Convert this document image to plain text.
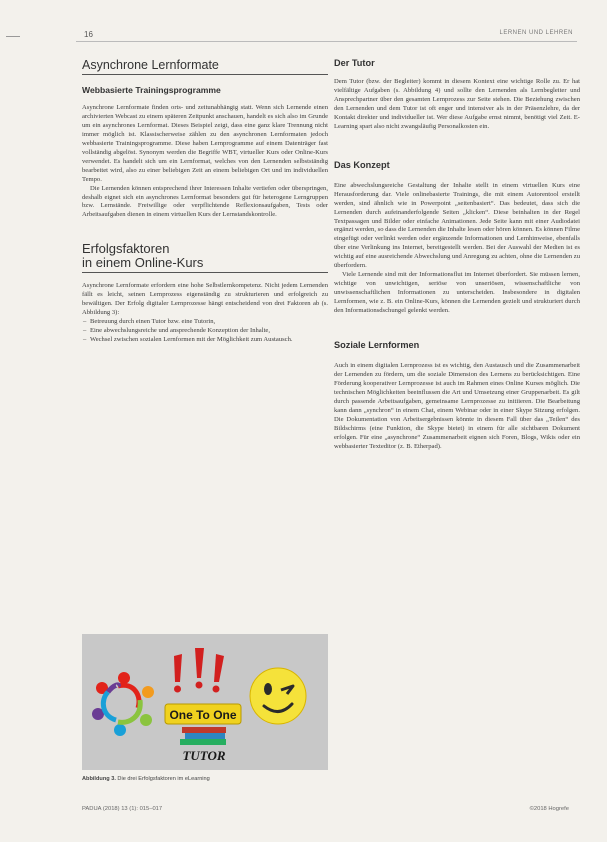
16	LERNEN UND LEHREN
Asynchrone Lernformate
Webbasierte Trainingsprogramme

Asynchrone Lernformate finden orts- und zeitunabhängig statt. Wenn sich Lernende einen archivierten Webcast zu einem späteren Zeitpunkt anschauen, handelt es sich also im Grunde um ein asynchrones Lernformat. Dieses Beispiel zeigt, dass eine ganz klare Trennung nicht immer möglich ist. Klassischerweise zählen zu den asynchronen Lernformaten jedoch webbasierte Trainingsprogramme. Diese haben Lernprogramme auf einem Datenträger fast vollständig abgelöst. Synonym werden die Begriffe WBT, virtueller Kurs oder Online-Kurs verwendet. Es handelt sich um ein Lernformat, welches von den Lernenden selbstständig bearbeitet wird, also zu einer beliebigen Zeit an einem beliebigen Ort und im individuellen Tempo.

Die Lernenden können entsprechend ihrer Interessen Inhalte vertiefen oder überspringen, deshalb eignet sich ein asynchrones Lernformat besonders gut für heterogene Lerngruppen bzw. Lernstände. Freiwillige oder verpflichtende Reflexionsaufgaben, Tests oder Arbeitsaufgaben dienen in einem virtuellen Kurs der Lernstandskontrolle.

Erfolgsfaktoren
in einem Online-Kurs

Asynchrone Lernformate erfordern eine hohe Selbstlernkompetenz. Nicht jedem Lernenden fällt es leicht, seinen Lernprozess eigenständig zu strukturieren und erfolgreich zu bewältigen. Der Erfolg digitaler Lernprozesse hängt entscheidend von drei Faktoren ab (s. Abbildung 3):

– Betreuung durch einen Tutor bzw. eine Tutorin,
– Eine abwechslungsreiche und ansprechende Konzeption der Inhalte,
– Wechsel zwischen sozialen Lernformen mit der Möglichkeit zum Austausch.
One To One
TUTOR
Abbildung 3. Die drei Erfolgsfaktoren im eLearning
Der Tutor

Dem Tutor (bzw. der Begleiter) kommt in diesem Kontext eine wichtige Rolle zu. Er hat vielfältige Aufgaben (s. Abbildung 4) und sollte den Lernenden als Lernbegleiter und Ansprechpartner über den gesamten Lernprozess zur Seite stehen. Die Beziehung zwischen den Lernenden und dem Tutor ist oft enger und intensiver als in der Präsenzlehre, da der Kontakt direkter und individueller ist. Wer diese Aufgabe ernst nimmt, benötigt viel Zeit. E-Learning spart also nicht zwangsläufig Personalkosten ein.

Das Konzept

Eine abwechslungsreiche Gestaltung der Inhalte stellt in einem virtuellen Kurs eine Herausforderung dar. Viele onlinebasierte Trainings, die mit einem Autorentool erstellt werden, sind ähnlich wie in Powerpoint „seitenbasiert“. Das bedeutet, dass sich die Lernenden durch aufeinanderfolgende Seiten „klicken“. Diese beinhalten in der Regel Textpassagen und Bilder oder einfache Animationen. Jede Seite kann mit einer Audiodatei ergänzt werden, so dass die Lernenden die Inhalte lesen oder hören können. Es können Filme eingefügt oder verlinkt werden oder ergänzende Informationen und Lernhinweise, ebenfalls über eine Verlinkung ins Internet, bereitgestellt werden. Bei der Auswahl der Medien ist es wichtig auf eine ausreichende Abwechslung und Anregung zu achten, ohne die Lernenden zu überfordern.

Viele Lernende sind mit der Informationsflut im Internet überfordert. Sie müssen lernen, wichtige von unwichtigen, seriöse von unseriösen, wissenschaftliche von unwissenschaftlichen Informationen zu unterscheiden. Insbesondere in digitalen Lernformen, wie z. B. ein Online-Kurs, können die Lernenden gezielt und strukturiert durch den Informationsdschungel gelenkt werden.

Soziale Lernformen

Auch in einem digitalen Lernprozess ist es wichtig, den Austausch und die Zusammenarbeit der Lernenden zu fördern, um die soziale Dimension des Lernens zu berücksichtigen. Eine Förderung kooperativer Lernprozesse ist auch im Rahmen eines Online Kurses möglich. Die technischen Möglichkeiten beeinflussen die Art und Umsetzung einer Gruppenarbeit. Es gilt durch passende Arbeitsaufgaben, gemeinsame Lernprozesse zu initiieren. Die Bearbeitung kann dann „synchron“ in einem Chat, einem Webinar oder in einer Skype Sitzung erfolgen. Die Dokumentation von Arbeitsergebnissen könnte in diesem Fall über das „Teilen“ des Bildschirms (eine Funktion, die Skype bietet) in einem für alle sichtbaren Dokument erfolgen. Für eine „asynchrone“ Zusammenarbeit eignen sich Foren, Blogs, Wikis oder ein webbasierter Texteditor (z. B. Etherpad).

PADUA (2018) 13 (1): 015–017	©2018 Hogrefe
